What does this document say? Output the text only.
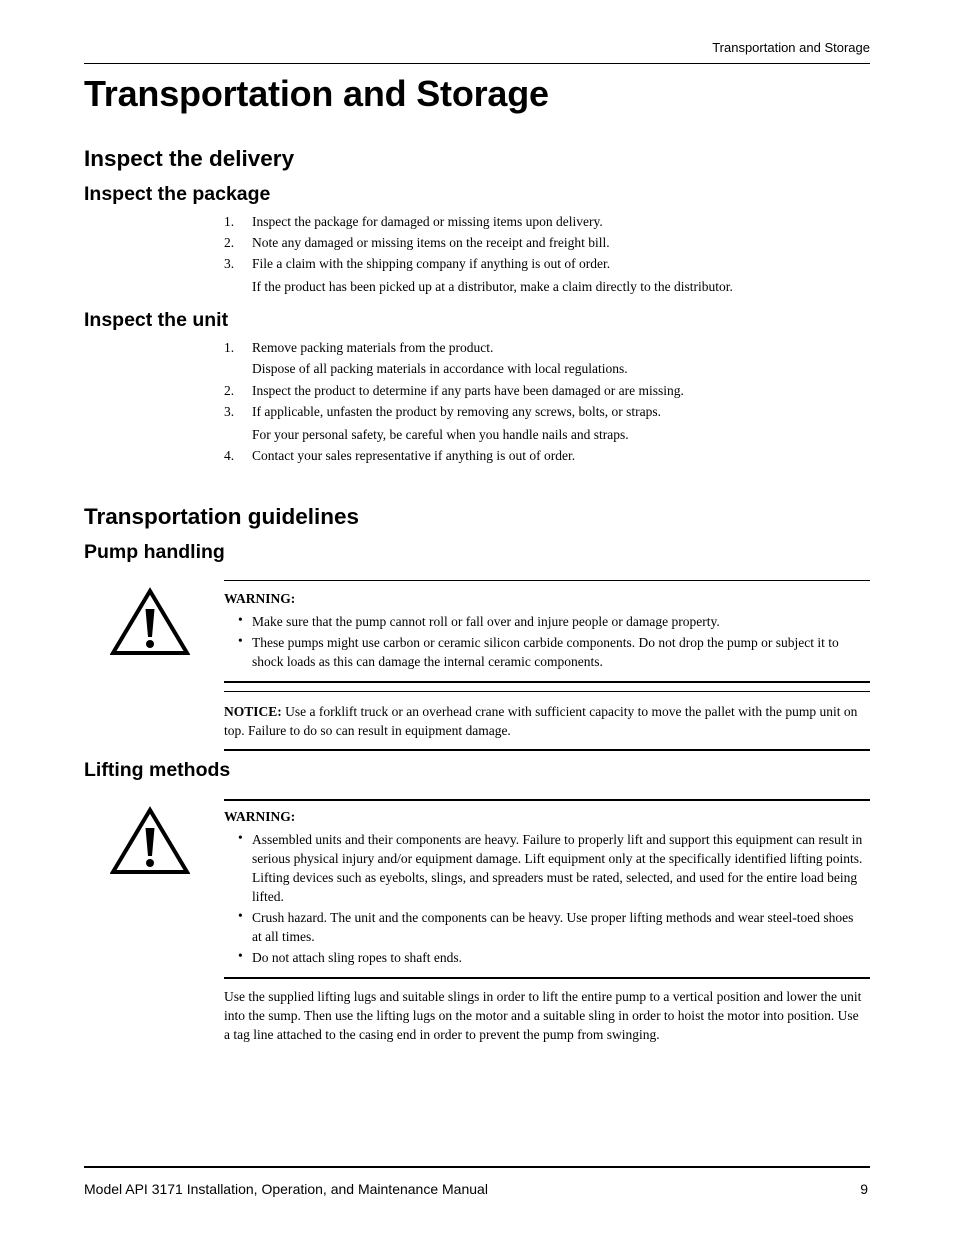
Transportation and Storage
Transportation and Storage
Inspect the delivery
Inspect the package
1. Inspect the package for damaged or missing items upon delivery.
2. Note any damaged or missing items on the receipt and freight bill.
3. File a claim with the shipping company if anything is out of order.
If the product has been picked up at a distributor, make a claim directly to the distributor.
Inspect the unit
1. Remove packing materials from the product.
Dispose of all packing materials in accordance with local regulations.
2. Inspect the product to determine if any parts have been damaged or are missing.
3. If applicable, unfasten the product by removing any screws, bolts, or straps.
For your personal safety, be careful when you handle nails and straps.
4. Contact your sales representative if anything is out of order.
Transportation guidelines
Pump handling
WARNING:
• Make sure that the pump cannot roll or fall over and injure people or damage property.
• These pumps might use carbon or ceramic silicon carbide components. Do not drop the pump or subject it to shock loads as this can damage the internal ceramic components.
NOTICE: Use a forklift truck or an overhead crane with sufficient capacity to move the pallet with the pump unit on top. Failure to do so can result in equipment damage.
Lifting methods
WARNING:
• Assembled units and their components are heavy. Failure to properly lift and support this equipment can result in serious physical injury and/or equipment damage. Lift equipment only at the specifically identified lifting points. Lifting devices such as eyebolts, slings, and spreaders must be rated, selected, and used for the entire load being lifted.
• Crush hazard. The unit and the components can be heavy. Use proper lifting methods and wear steel-toed shoes at all times.
• Do not attach sling ropes to shaft ends.
Use the supplied lifting lugs and suitable slings in order to lift the entire pump to a vertical position and lower the unit into the sump. Then use the lifting lugs on the motor and a suitable sling in order to hoist the motor into position. Use a tag line attached to the casing end in order to prevent the pump from swinging.
Model API 3171 Installation, Operation, and Maintenance Manual	9
